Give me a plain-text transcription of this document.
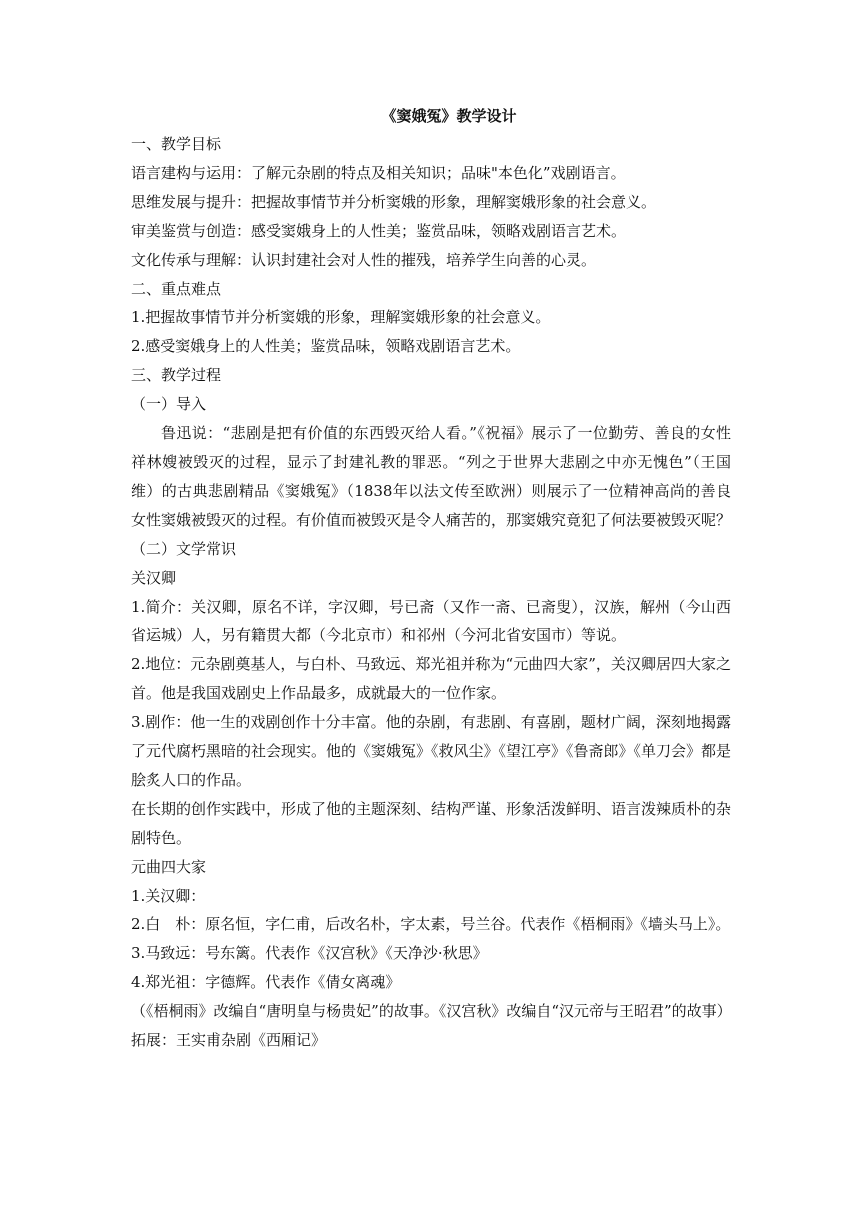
《窦娥冤》教学设计

一、教学目标

语言建构与运用：了解元杂剧的特点及相关知识；品味"本色化”戏剧语言。

思维发展与提升：把握故事情节并分析窦娥的形象，理解窦娥形象的社会意义。

审美鉴赏与创造：感受窦娥身上的人性美；鉴赏品味，领略戏剧语言艺术。

文化传承与理解：认识封建社会对人性的摧残，培养学生向善的心灵。

二、重点难点

1.把握故事情节并分析窦娥的形象，理解窦娥形象的社会意义。

2.感受窦娥身上的人性美；鉴赏品味，领略戏剧语言艺术。

三、教学过程

（一）导入

鲁迅说：“悲剧是把有价值的东西毁灭给人看。”《祝福》展示了一位勤劳、善良的女性祥林嫂被毁灭的过程，显示了封建礼教的罪恶。“列之于世界大悲剧之中亦无愧色”（王国维）的古典悲剧精品《窦娥冤》（1838年以法文传至欧洲）则展示了一位精神高尚的善良女性窦娥被毁灭的过程。有价值而被毁灭是令人痛苦的，那窦娥究竟犯了何法要被毁灭呢？

（二）文学常识

关汉卿

1.简介：关汉卿，原名不详，字汉卿，号已斋（又作一斋、已斋叟），汉族，解州（今山西省运城）人，另有籍贯大都（今北京市）和祁州（今河北省安国市）等说。

2.地位：元杂剧奠基人，与白朴、马致远、郑光祖并称为“元曲四大家”，关汉卿居四大家之首。他是我国戏剧史上作品最多，成就最大的一位作家。

3.剧作：他一生的戏剧创作十分丰富。他的杂剧，有悲剧、有喜剧，题材广阔，深刻地揭露了元代腐朽黑暗的社会现实。他的《窦娥冤》《救风尘》《望江亭》《鲁斋郎》《单刀会》都是脍炙人口的作品。

在长期的创作实践中，形成了他的主题深刻、结构严谨、形象活泼鲜明、语言泼辣质朴的杂剧特色。

元曲四大家

1.关汉卿：

2.白　朴：原名恒，字仁甫，后改名朴，字太素，号兰谷。代表作《梧桐雨》《墙头马上》。

3.马致远：号东篱。代表作《汉宫秋》《天净沙·秋思》

4.郑光祖：字德辉。代表作《倩女离魂》

（《梧桐雨》改编自“唐明皇与杨贵妃”的故事。《汉宫秋》改编自“汉元帝与王昭君”的故事）

拓展：王实甫杂剧《西厢记》
